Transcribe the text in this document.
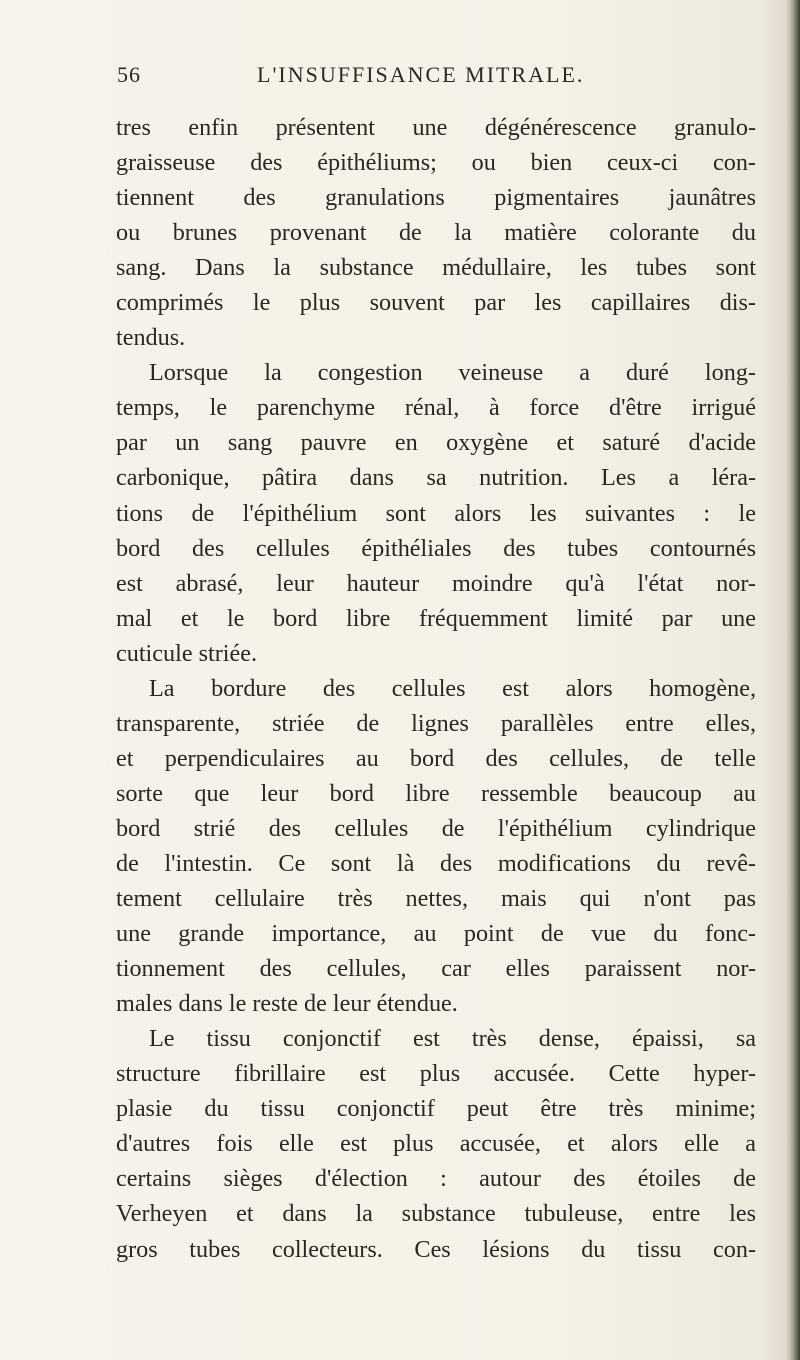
56	L'INSUFFISANCE MITRALE.
tres enfin présentent une dégénérescence granulo-
graisseuse des épithéliums; ou bien ceux-ci con-
tiennent des granulations pigmentaires jaunâtres
ou brunes provenant de la matière colorante du
sang. Dans la substance médullaire, les tubes sont
comprimés le plus souvent par les capillaires dis-
tendus.
Lorsque la congestion veineuse a duré long-
temps, le parenchyme rénal, à force d'être irrigué
par un sang pauvre en oxygène et saturé d'acide
carbonique, pâtira dans sa nutrition. Les a léra-
tions de l'épithélium sont alors les suivantes : le
bord des cellules épithéliales des tubes contournés
est abrasé, leur hauteur moindre qu'à l'état nor-
mal et le bord libre fréquemment limité par une
cuticule striée.
La bordure des cellules est alors homogène,
transparente, striée de lignes parallèles entre elles,
et perpendiculaires au bord des cellules, de telle
sorte que leur bord libre ressemble beaucoup au
bord strié des cellules de l'épithélium cylindrique
de l'intestin. Ce sont là des modifications du revê-
tement cellulaire très nettes, mais qui n'ont pas
une grande importance, au point de vue du fonc-
tionnement des cellules, car elles paraissent nor-
males dans le reste de leur étendue.
Le tissu conjonctif est très dense, épaissi, sa
structure fibrillaire est plus accusée. Cette hyper-
plasie du tissu conjonctif peut être très minime;
d'autres fois elle est plus accusée, et alors elle a
certains sièges d'élection : autour des étoiles de
Verheyen et dans la substance tubuleuse, entre les
gros tubes collecteurs. Ces lésions du tissu con-
